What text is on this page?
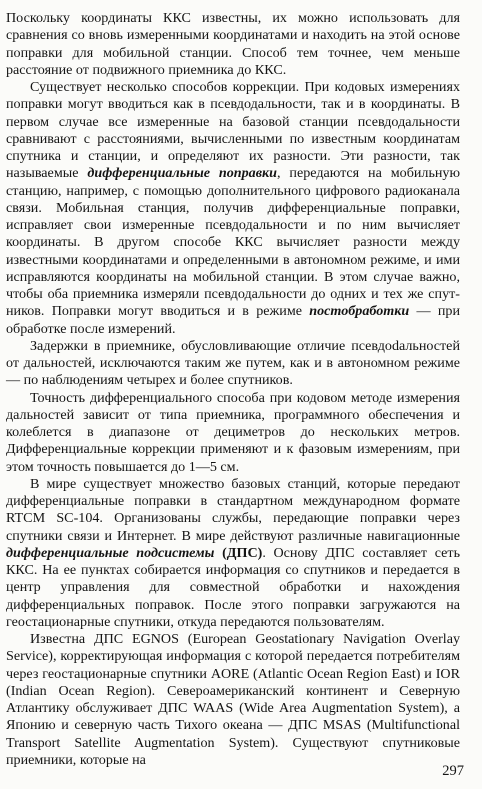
Поскольку координаты ККС известны, их можно использовать для сравнения со вновь измеренными координатами и находить на этой основе поправки для мобильной станции. Способ тем точнее, чем меньше расстояние от подвижного приемника до ККС.

Существует несколько способов коррекции. При кодовых измерениях поправки могут вводиться как в псевдодальности, так и в координаты. В первом случае все измеренные на базовой станции псевдодальности сравнивают с расстояниями, вычисленными по известным координатам спутника и станции, и определяют их разности. Эти разности, так называемые дифференциальные поправки, передаются на мобильную станцию, например, с помощью дополнительного цифрового радиоканала связи. Мобильная станция, получив дифференциальные поправки, исправляет свои измеренные псевдодальности и по ним вычисляет координаты. В другом способе ККС вычисляет разности между известными координатами и определенными в автономном режиме, и ими исправляются координаты на мобильной станции. В этом случае важно, чтобы оба приемника измеряли псевдодальности до одних и тех же спутников. Поправки могут вводиться и в режиме постобработки — при обработке после измерений.

Задержки в приемнике, обусловливающие отличие псевдodальностей от дальностей, исключаются таким же путем, как и в автономном режиме — по наблюдениям четырех и более спутников.

Точность дифференциального способа при кодовом методе измерения дальностей зависит от типа приемника, программного обеспечения и колеблется в диапазоне от дециметров до нескольких метров. Дифференциальные коррекции применяют и к фазовым измерениям, при этом точность повышается до 1—5 см.

В мире существует множество базовых станций, которые передают дифференциальные поправки в стандартном международном формате RTCM SC-104. Организованы службы, передающие поправки через спутники связи и Интернет. В мире действуют различные навигационные дифференциальные подсистемы (ДПС). Основу ДПС составляет сеть ККС. На ее пунктах собирается информация со спутников и передается в центр управления для совместной обработки и нахождения дифференциальных поправок. После этого поправки загружаются на геостационарные спутники, откуда передаются пользователям.

Известна ДПС EGNOS (European Geostationary Navigation Overlay Service), корректирующая информация с которой передается потребителям через геостационарные спутники AORE (Atlantic Ocean Region East) и IOR (Indian Ocean Region). Североамериканский континент и Северную Атлантику обслуживает ДПС WAAS (Wide Area Augmentation System), а Японию и северную часть Тихого океана — ДПС MSAS (Multifunctional Transport Satellite Augmentation System). Существуют спутниковые приемники, которые на

297
